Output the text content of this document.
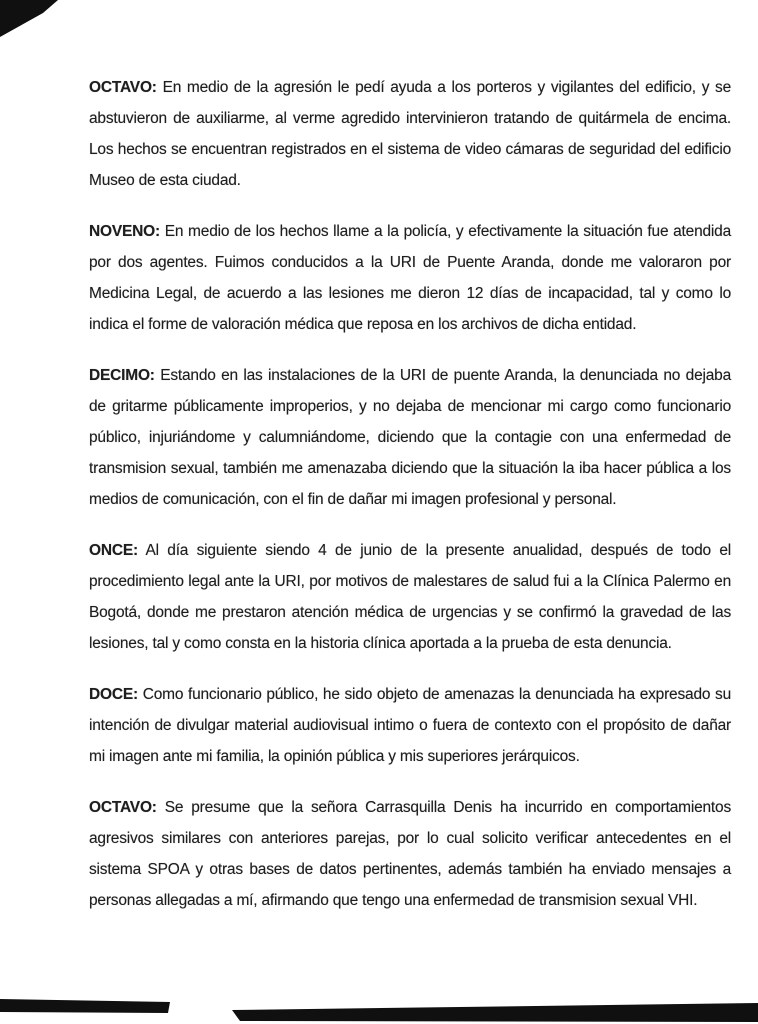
OCTAVO: En medio de la agresión le pedí ayuda a los porteros y vigilantes del edificio, y se abstuvieron de auxiliarme, al verme agredido intervinieron tratando de quitármela de encima. Los hechos se encuentran registrados en el sistema de video cámaras de seguridad del edificio Museo de esta ciudad.

NOVENO: En medio de los hechos llame a la policía, y efectivamente la situación fue atendida por dos agentes. Fuimos conducidos a la URI de Puente Aranda, donde me valoraron por Medicina Legal, de acuerdo a las lesiones me dieron 12 días de incapacidad, tal y como lo indica el forme de valoración médica que reposa en los archivos de dicha entidad.

DECIMO: Estando en las instalaciones de la URI de puente Aranda, la denunciada no dejaba de gritarme públicamente improperios, y no dejaba de mencionar mi cargo como funcionario público, injuriándome y calumniándome, diciendo que la contagie con una enfermedad de transmision sexual, también me amenazaba diciendo que la situación la iba hacer pública a los medios de comunicación, con el fin de dañar mi imagen profesional y personal.

ONCE: Al día siguiente siendo 4 de junio de la presente anualidad, después de todo el procedimiento legal ante la URI, por motivos de malestares de salud fui a la Clínica Palermo en Bogotá, donde me prestaron atención médica de urgencias y se confirmó la gravedad de las lesiones, tal y como consta en la historia clínica aportada a la prueba de esta denuncia.

DOCE: Como funcionario público, he sido objeto de amenazas la denunciada ha expresado su intención de divulgar material audiovisual intimo o fuera de contexto con el propósito de dañar mi imagen ante mi familia, la opinión pública y mis superiores jerárquicos.

OCTAVO: Se presume que la señora Carrasquilla Denis ha incurrido en comportamientos agresivos similares con anteriores parejas, por lo cual solicito verificar antecedentes en el sistema SPOA y otras bases de datos pertinentes, además también ha enviado mensajes a personas allegadas a mí, afirmando que tengo una enfermedad de transmision sexual VHI.
